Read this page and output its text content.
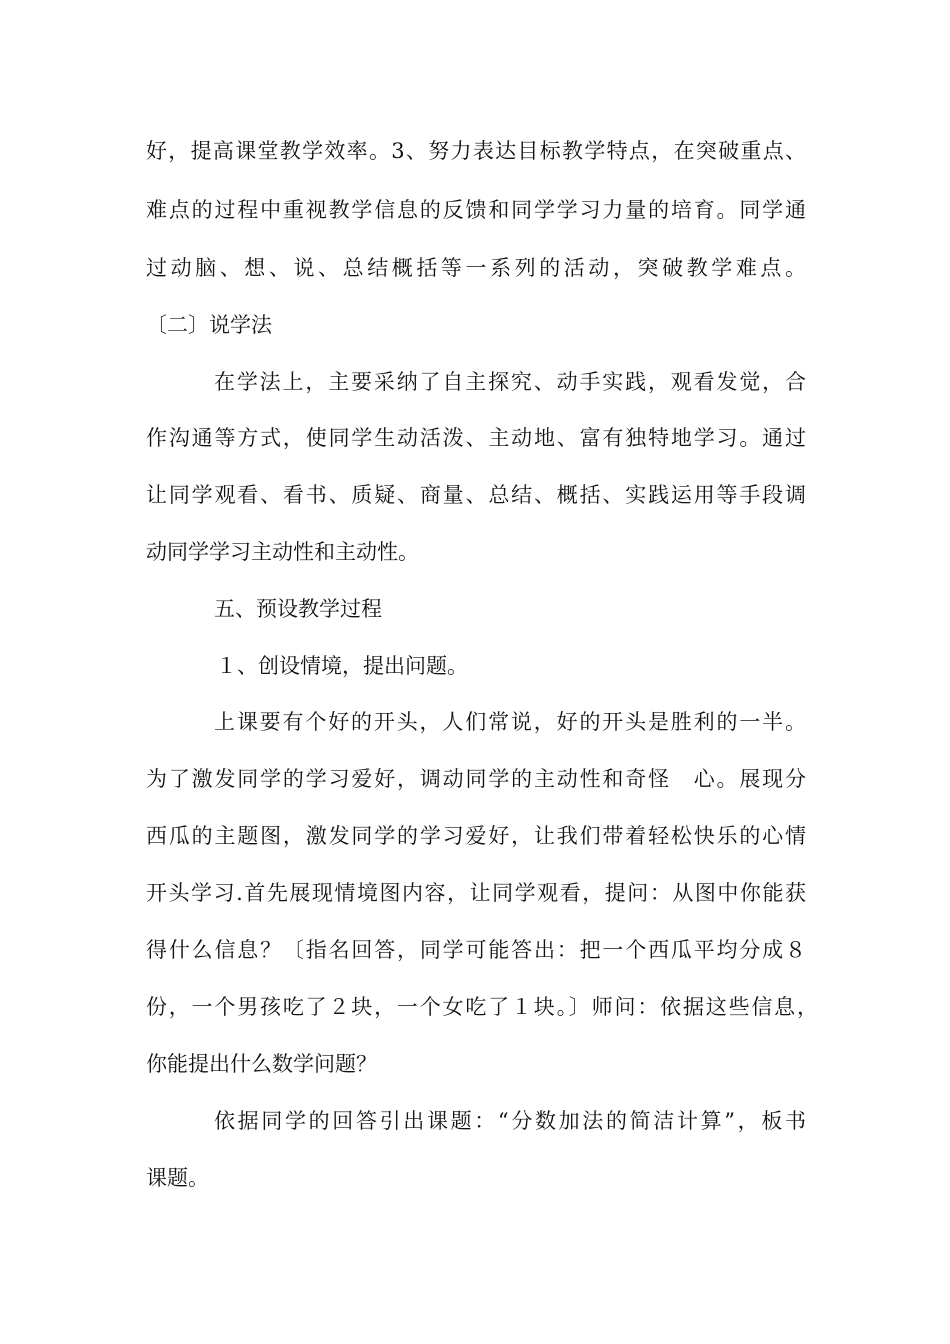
好，提高课堂教学效率。3、努力表达目标教学特点，在突破重点、
难点的过程中重视教学信息的反馈和同学学习力量的培育。同学通
过动脑、想、说、总结概括等一系列的活动，突破教学难点。
〔二〕说学法
在学法上，主要采纳了自主探究、动手实践，观看发觉，合
作沟通等方式，使同学生动活泼、主动地、富有独特地学习。通过
让同学观看、看书、质疑、商量、总结、概括、实践运用等手段调
动同学学习主动性和主动性。
五、预设教学过程
１、创设情境，提出问题。
上课要有个好的开头，人们常说，好的开头是胜利的一半。
为了激发同学的学习爱好，调动同学的主动性和奇怪　心。展现分
西瓜的主题图，激发同学的学习爱好，让我们带着轻松快乐的心情
开头学习.首先展现情境图内容，让同学观看，提问：从图中你能获
得什么信息？〔指名回答，同学可能答出：把一个西瓜平均分成８
份，一个男孩吃了２块，一个女吃了１块。〕师问：依据这些信息，
你能提出什么数学问题？
依据同学的回答引出课题：“分数加法的简洁计算”，板书
课题。
